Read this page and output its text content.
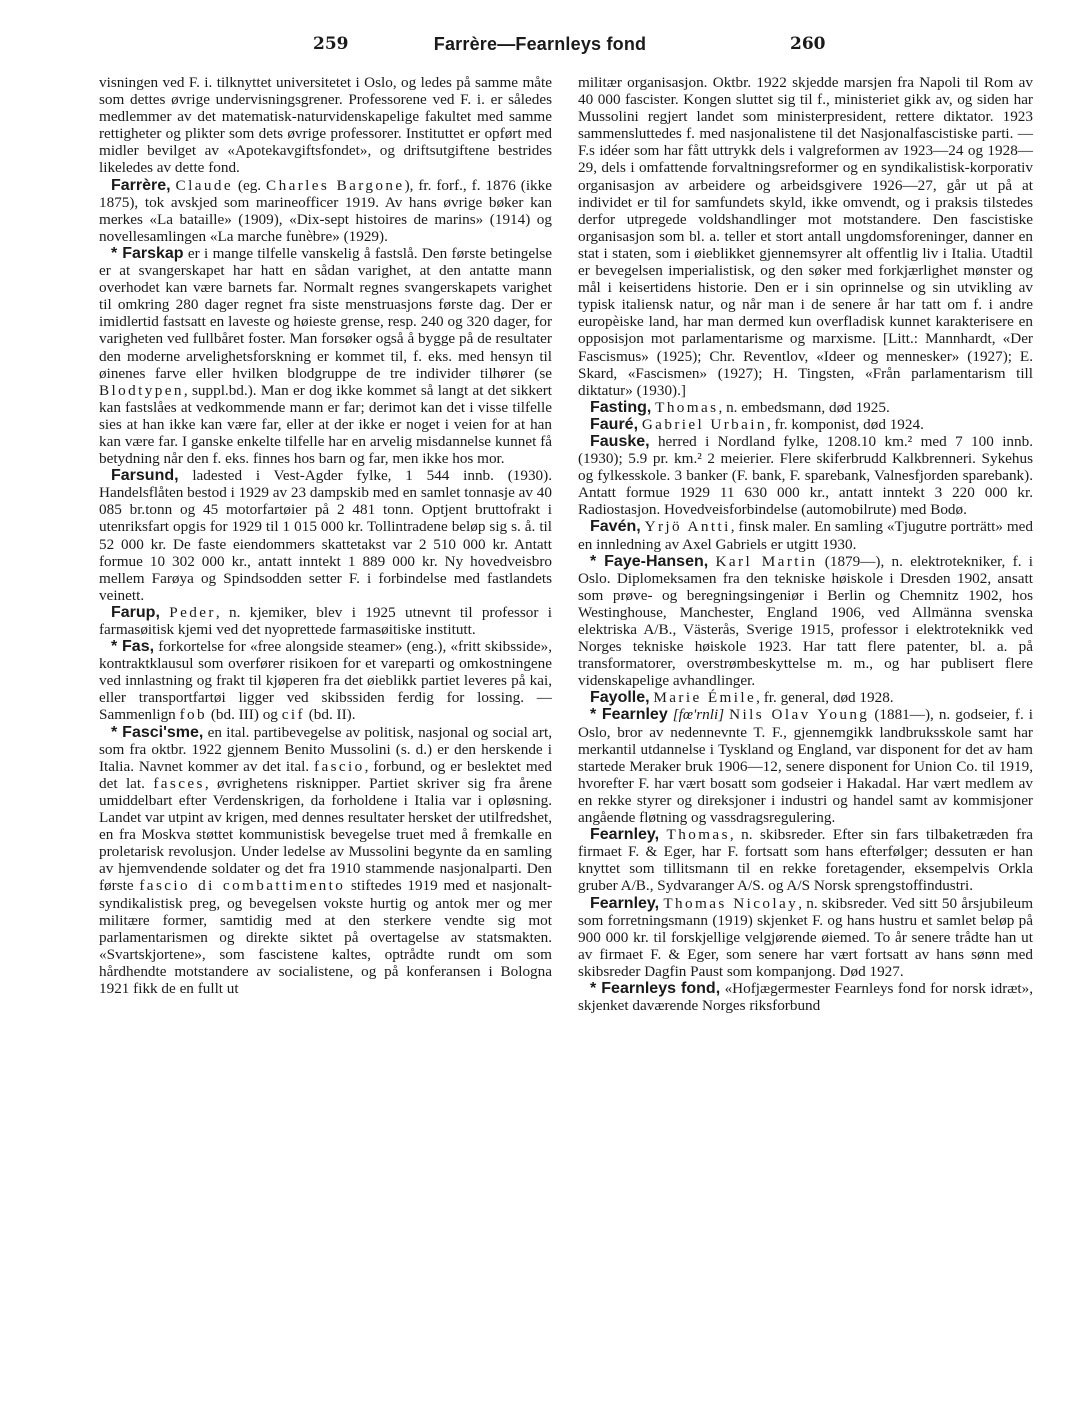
259	Farrère—Fearnleys fond	260

visningen ved F. i. tilknyttet universitetet i Oslo, og ledes på samme måte som dettes øvrige undervisningsgrener. Professorene ved F. i. er således medlemmer av det matematisk-naturvidenskapelige fakultet med samme rettigheter og plikter som dets øvrige professorer. Instituttet er opført med midler bevilget av «Apotekavgiftsfondet», og driftsutgiftene bestrides likeledes av dette fond.

Farrère, Claude (eg. Charles Bargone), fr. forf., f. 1876 (ikke 1875), tok avskjed som marineofficer 1919. Av hans øvrige bøker kan merkes «La bataille» (1909), «Dix-sept histoires de marins» (1914) og novellesamlingen «La marche funèbre» (1929).

* Farskap er i mange tilfelle vanskelig å fastslå. Den første betingelse er at svangerskapet har hatt en sådan varighet, at den antatte mann overhodet kan være barnets far. Normalt regnes svangerskapets varighet til omkring 280 dager regnet fra siste menstruasjons første dag. Der er imidlertid fastsatt en laveste og høieste grense, resp. 240 og 320 dager, for varigheten ved fullbåret foster. Man forsøker også å bygge på de resultater den moderne arvelighetsforskning er kommet til, f. eks. med hensyn til øinenes farve eller hvilken blodgruppe de tre individer tilhører (se Blodtypen, suppl.bd.). Man er dog ikke kommet så langt at det sikkert kan fastslåes at vedkommende mann er far; derimot kan det i visse tilfelle sies at han ikke kan være far, eller at der ikke er noget i veien for at han kan være far. I ganske enkelte tilfelle har en arvelig misdannelse kunnet få betydning når den f. eks. finnes hos barn og far, men ikke hos mor.

Farsund, ladested i Vest-Agder fylke, 1 544 innb. (1930). Handelsflåten bestod i 1929 av 23 dampskib med en samlet tonnasje av 40 085 br.tonn og 45 motorfartøier på 2 481 tonn. Optjent bruttofrakt i utenriksfart opgis for 1929 til 1 015 000 kr. Tollintradene beløp sig s. å. til 52 000 kr. De faste eiendommers skattetakst var 2 510 000 kr. Antatt formue 10 302 000 kr., antatt inntekt 1 889 000 kr. Ny hovedveisbro mellem Farøya og Spindsodden setter F. i forbindelse med fastlandets veinett.

Farup, Peder, n. kjemiker, blev i 1925 utnevnt til professor i farmasøitisk kjemi ved det nyoprettede farmasøitiske institutt.

* Fas, forkortelse for «free alongside steamer» (eng.), «fritt skibsside», kontraktklausul som overfører risikoen for et vareparti og omkostningene ved innlastning og frakt til kjøperen fra det øieblikk partiet leveres på kai, eller transportfartøi ligger ved skibssiden ferdig for lossing. — Sammenlign fob (bd. III) og cif (bd. II).

* Fasci'sme, en ital. partibevegelse av politisk, nasjonal og social art, som fra oktbr. 1922 gjennem Benito Mussolini (s. d.) er den herskende i Italia. Navnet kommer av det ital. fascio, forbund, og er beslektet med det lat. fasces, øvrighetens risknipper. Partiet skriver sig fra årene umiddelbart efter Verdenskrigen, da forholdene i Italia var i opløsning. Landet var utpint av krigen, med dennes resultater hersket der utilfredshet, en fra Moskva støttet kommunistisk bevegelse truet med å fremkalle en proletarisk revolusjon. Under ledelse av Mussolini begynte da en samling av hjemvendende soldater og det fra 1910 stammende nasjonalparti. Den første fascio di combattimento stiftedes 1919 med et nasjonalt-syndikalistisk preg, og bevegelsen vokste hurtig og antok mer og mer militære former, samtidig med at den sterkere vendte sig mot parlamentarismen og direkte siktet på overtagelse av statsmakten. «Svartskjortene», som fascistene kaltes, optrådte rundt om som hårdhendte motstandere av socialistene, og på konferansen i Bologna 1921 fikk de en fullt ut

militær organisasjon. Oktbr. 1922 skjedde marsjen fra Napoli til Rom av 40 000 fascister. Kongen sluttet sig til f., ministeriet gikk av, og siden har Mussolini regjert landet som ministerpresident, rettere diktator. 1923 sammensluttedes f. med nasjonalistene til det Nasjonalfascistiske parti. — F.s idéer som har fått uttrykk dels i valgreformen av 1923—24 og 1928—29, dels i omfattende forvaltningsreformer og en syndikalistisk-korporativ organisasjon av arbeidere og arbeidsgivere 1926—27, går ut på at individet er til for samfundets skyld, ikke omvendt, og i praksis tilstedes derfor utpregede voldshandlinger mot motstandere. Den fascistiske organisasjon som bl. a. teller et stort antall ungdomsforeninger, danner en stat i staten, som i øieblikket gjennemsyrer alt offentlig liv i Italia. Utadtil er bevegelsen imperialistisk, og den søker med forkjærlighet mønster og mål i keisertidens historie. Den er i sin oprinnelse og sin utvikling av typisk italiensk natur, og når man i de senere år har tatt om f. i andre europèiske land, har man dermed kun overfladisk kunnet karakterisere en opposisjon mot parlamentarisme og marxisme. [Litt.: Mannhardt, «Der Fascismus» (1925); Chr. Reventlov, «Ideer og mennesker» (1927); E. Skard, «Fascismen» (1927); H. Tingsten, «Från parlamentarism till diktatur» (1930).]

Fasting, Thomas, n. embedsmann, død 1925.

Fauré, Gabriel Urbain, fr. komponist, død 1924.

Fauske, herred i Nordland fylke, 1208.10 km.² med 7 100 innb. (1930); 5.9 pr. km.² 2 meierier. Flere skiferbrudd Kalkbrenneri. Sykehus og fylkesskole. 3 banker (F. bank, F. sparebank, Valnesfjorden sparebank). Antatt formue 1929 11 630 000 kr., antatt inntekt 3 220 000 kr. Radiostasjon. Hovedveisforbindelse (automobilrute) med Bodø.

Favén, Yrjö Antti, finsk maler. En samling «Tjugutre porträtt» med en innledning av Axel Gabriels er utgitt 1930.

* Faye-Hansen, Karl Martin (1879—), n. elektrotekniker, f. i Oslo. Diplomeksamen fra den tekniske høiskole i Dresden 1902, ansatt som prøve- og beregningsingeniør i Berlin og Chemnitz 1902, hos Westinghouse, Manchester, England 1906, ved Allmänna svenska elektriska A/B., Västerås, Sverige 1915, professor i elektroteknikk ved Norges tekniske høiskole 1923. Har tatt flere patenter, bl. a. på transformatorer, overstrømbeskyttelse m. m., og har publisert flere videnskapelige avhandlinger.

Fayolle, Marie Émile, fr. general, død 1928.

* Fearnley [fœ'rnli] Nils Olav Young (1881—), n. godseier, f. i Oslo, bror av nedennevnte T. F., gjennemgikk landbruksskole samt har merkantil utdannelse i Tyskland og England, var disponent for det av ham startede Meraker bruk 1906—12, senere disponent for Union Co. til 1919, hvorefter F. har vært bosatt som godseier i Hakadal. Har vært medlem av en rekke styrer og direksjoner i industri og handel samt av kommisjoner angående fløtning og vassdragsregulering.

Fearnley, Thomas, n. skibsreder. Efter sin fars tilbaketræden fra firmaet F. & Eger, har F. fortsatt som hans efterfølger; dessuten er han knyttet som tillitsmann til en rekke foretagender, eksempelvis Orkla gruber A/B., Sydvaranger A/S. og A/S Norsk sprengstoffindustri.

Fearnley, Thomas Nicolay, n. skibsreder. Ved sitt 50 årsjubileum som forretningsmann (1919) skjenket F. og hans hustru et samlet beløp på 900 000 kr. til forskjellige velgjørende øiemed. To år senere trådte han ut av firmaet F. & Eger, som senere har vært fortsatt av hans sønn med skibsreder Dagfin Paust som kompanjong. Død 1927.

* Fearnleys fond, «Hofjægermester Fearnleys fond for norsk idræt», skjenket daværende Norges riksforbund
